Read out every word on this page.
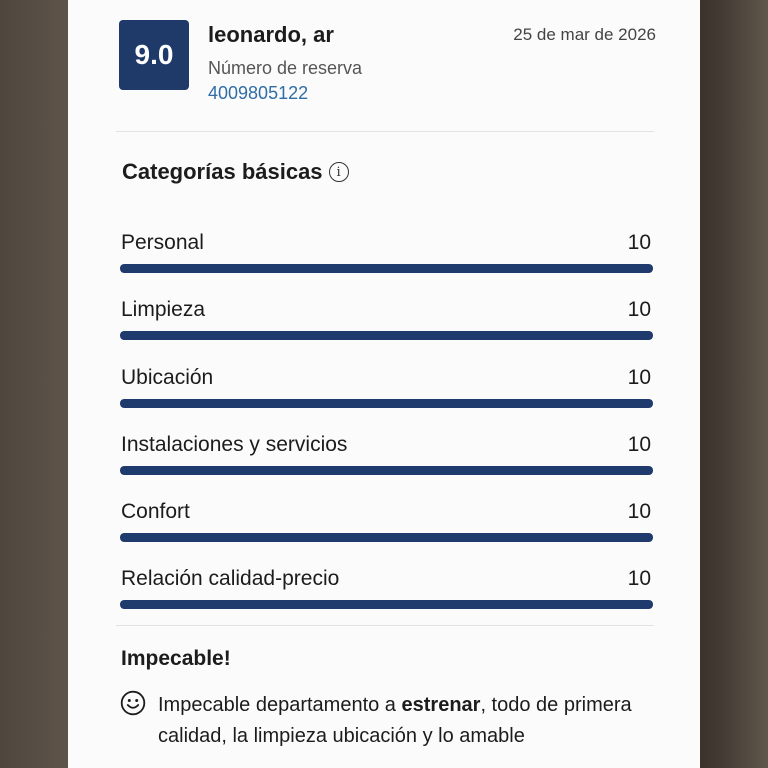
9.0
leonardo, ar	25 de mar de 2026
Número de reserva
4009805122
Categorías básicas	i
Personal	10
Limpieza	10
Ubicación	10
Instalaciones y servicios	10
Confort	10
Relación calidad-precio	10
Impecable!
Impecable departamento a estrenar, todo de primera calidad, la limpieza ubicación y lo amable
